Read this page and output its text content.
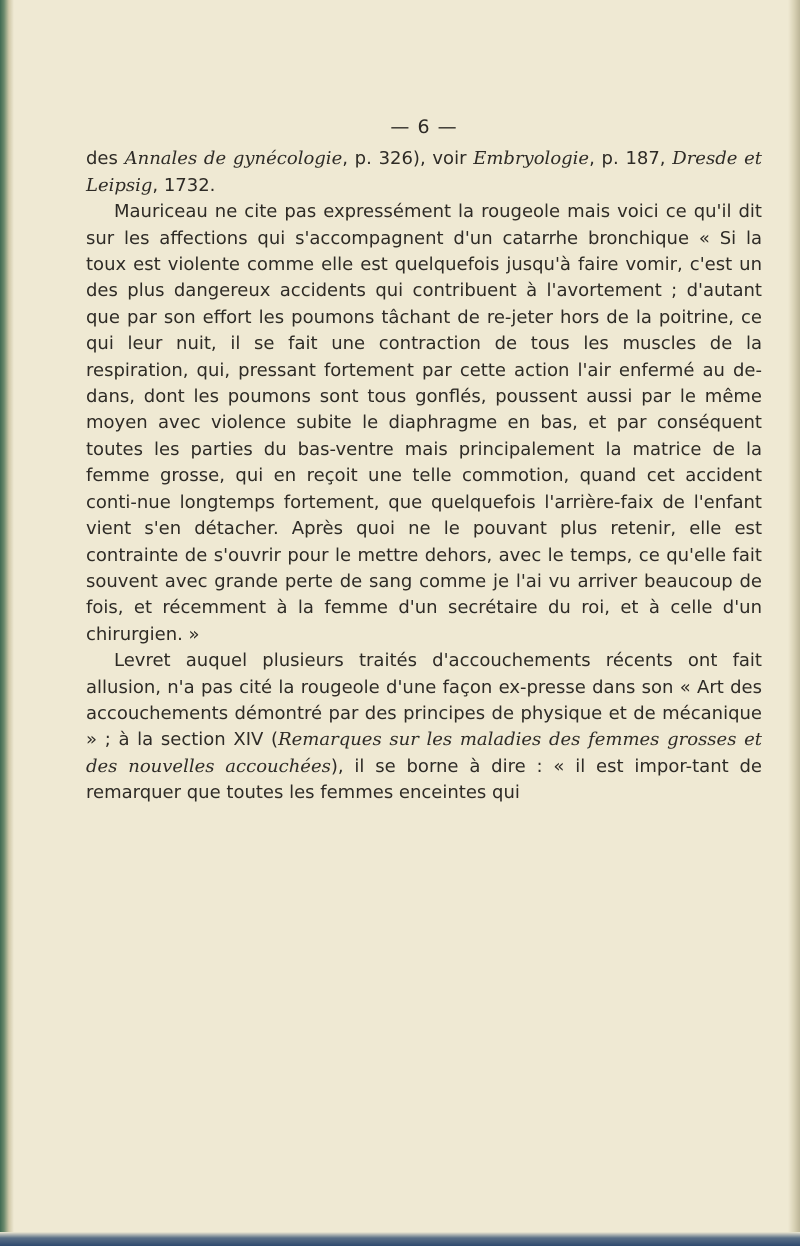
— 6 —

des Annales de gynécologie, p. 326), voir Embryologie, p. 187, Dresde et Leipsig, 1732.

Mauriceau ne cite pas expressément la rougeole mais voici ce qu'il dit sur les affections qui s'accompagnent d'un catarrhe bronchique « Si la toux est violente comme elle est quelquefois jusqu'à faire vomir, c'est un des plus dangereux accidents qui contribuent à l'avortement ; d'autant que par son effort les poumons tâchant de re-jeter hors de la poitrine, ce qui leur nuit, il se fait une contraction de tous les muscles de la respiration, qui, pressant fortement par cette action l'air enfermé au de-dans, dont les poumons sont tous gonflés, poussent aussi par le même moyen avec violence subite le diaphragme en bas, et par conséquent toutes les parties du bas-ventre mais principalement la matrice de la femme grosse, qui en reçoit une telle commotion, quand cet accident conti-nue longtemps fortement, que quelquefois l'arrière-faix de l'enfant vient s'en détacher. Après quoi ne le pouvant plus retenir, elle est contrainte de s'ouvrir pour le mettre dehors, avec le temps, ce qu'elle fait souvent avec grande perte de sang comme je l'ai vu arriver beaucoup de fois, et récemment à la femme d'un secrétaire du roi, et à celle d'un chirurgien. »

Levret auquel plusieurs traités d'accouchements récents ont fait allusion, n'a pas cité la rougeole d'une façon ex-presse dans son « Art des accouchements démontré par des principes de physique et de mécanique » ; à la section XIV (Remarques sur les maladies des femmes grosses et des nouvelles accouchées), il se borne à dire : « il est impor-tant de remarquer que toutes les femmes enceintes qui
